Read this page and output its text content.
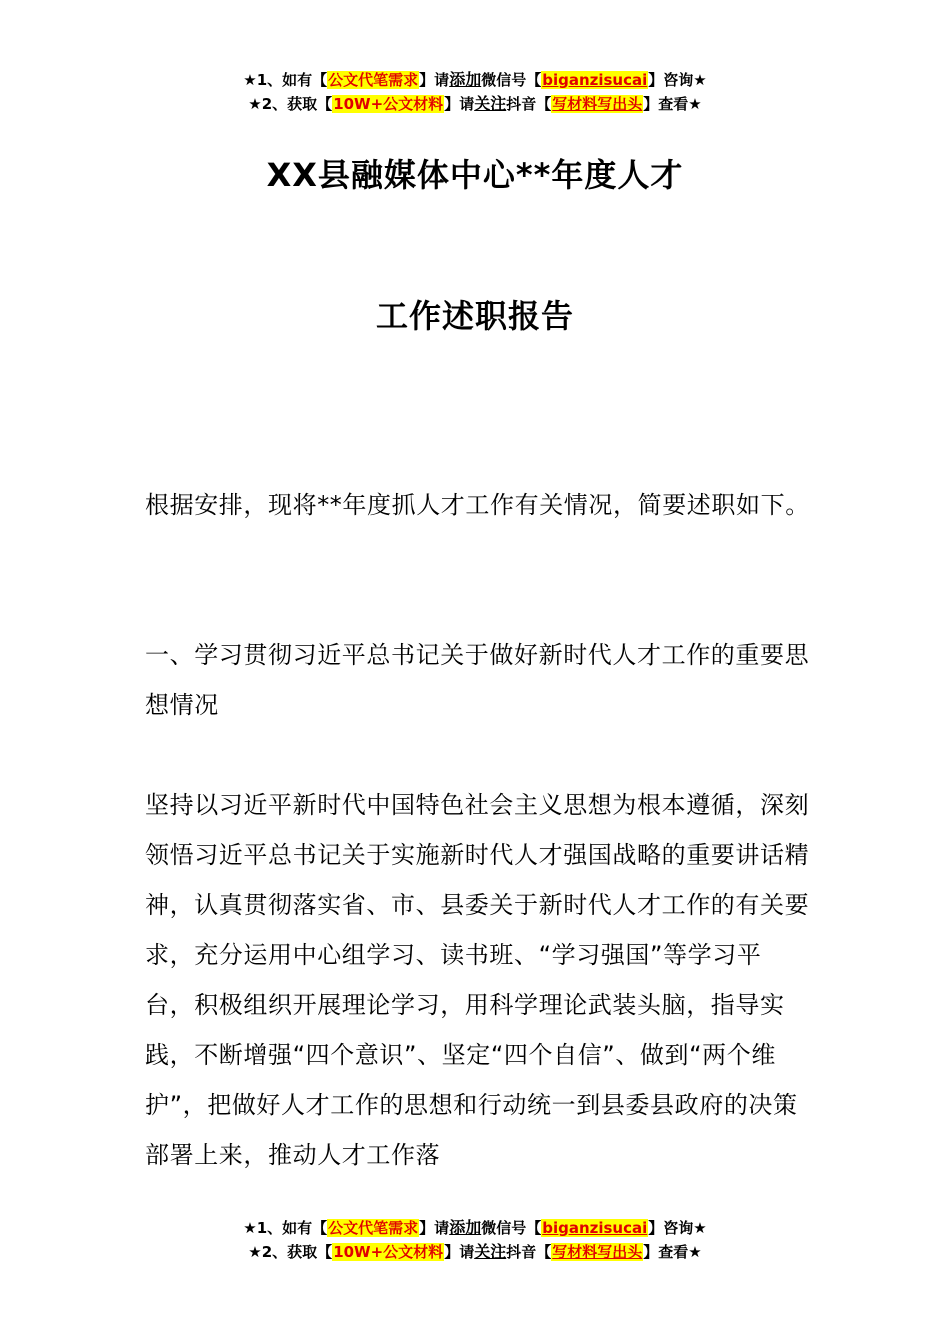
★1、如有【公文代笔需求】请添加微信号【biganzisucai】咨询★
★2、获取【10W+公文材料】请关注抖音【写材料写出头】查看★
XX县融媒体中心**年度人才
工作述职报告

根据安排，现将**年度抓人才工作有关情况，简要述职如下。

一、学习贯彻习近平总书记关于做好新时代人才工作的重要思想情况

坚持以习近平新时代中国特色社会主义思想为根本遵循，深刻领悟习近平总书记关于实施新时代人才强国战略的重要讲话精神，认真贯彻落实省、市、县委关于新时代人才工作的有关要求，充分运用中心组学习、读书班、“学习强国”等学习平台，积极组织开展理论学习，用科学理论武装头脑，指导实践，不断增强“四个意识”、坚定“四个自信”、做到“两个维护”，把做好人才工作的思想和行动统一到县委县政府的决策部署上来，推动人才工作落

★1、如有【公文代笔需求】请添加微信号【biganzisucai】咨询★
★2、获取【10W+公文材料】请关注抖音【写材料写出头】查看★
